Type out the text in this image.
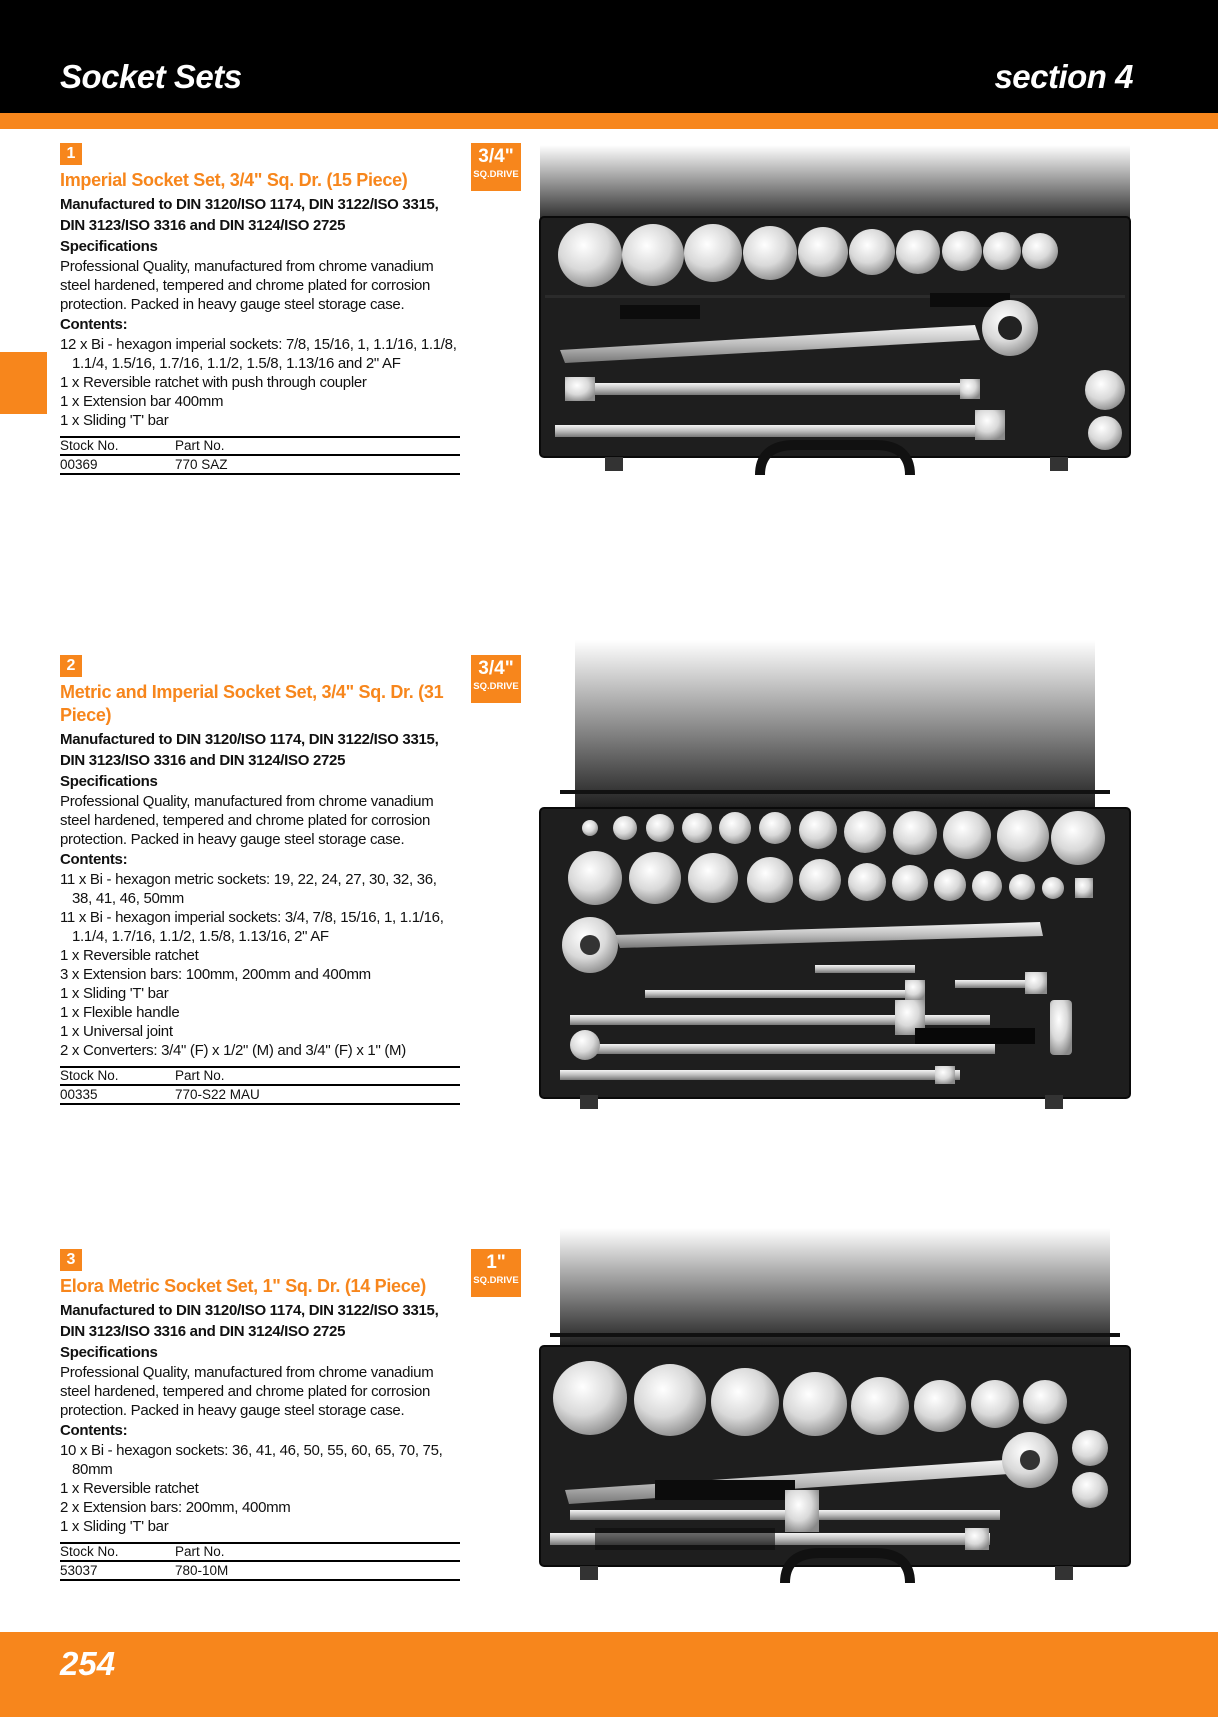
Socket Sets	section 4
1
Imperial Socket Set, 3/4" Sq. Dr. (15 Piece)
Manufactured to DIN 3120/ISO 1174, DIN 3122/ISO 3315, DIN 3123/ISO 3316 and DIN 3124/ISO 2725
Specifications
Professional Quality, manufactured from chrome vanadium steel hardened, tempered and chrome plated for corrosion protection. Packed in heavy gauge steel storage case.
Contents:
12 x Bi - hexagon imperial sockets: 7/8, 15/16, 1, 1.1/16, 1.1/8, 1.1/4, 1.5/16, 1.7/16, 1.1/2, 1.5/8, 1.13/16 and 2" AF
1 x Reversible ratchet with push through coupler
1 x Extension bar 400mm
1 x Sliding 'T' bar
Stock No.	Part No.
00369	770 SAZ
3/4"
SQ.DRIVE
2
Metric and Imperial Socket Set, 3/4" Sq. Dr. (31 Piece)
Manufactured to DIN 3120/ISO 1174, DIN 3122/ISO 3315, DIN 3123/ISO 3316 and DIN 3124/ISO 2725
Specifications
Professional Quality, manufactured from chrome vanadium steel hardened, tempered and chrome plated for corrosion protection. Packed in heavy gauge steel storage case.
Contents:
11 x Bi - hexagon metric sockets: 19, 22, 24, 27, 30, 32, 36, 38, 41, 46, 50mm
11 x Bi - hexagon imperial sockets: 3/4, 7/8, 15/16, 1, 1.1/16, 1.1/4, 1.7/16, 1.1/2, 1.5/8, 1.13/16, 2" AF
1 x Reversible ratchet
3 x Extension bars: 100mm, 200mm and 400mm
1 x Sliding 'T' bar
1 x Flexible handle
1 x Universal joint
2 x Converters: 3/4" (F) x 1/2" (M) and 3/4" (F) x 1" (M)
Stock No.	Part No.
00335	770-S22 MAU
3/4"
SQ.DRIVE
3
Elora Metric Socket Set, 1" Sq. Dr. (14 Piece)
Manufactured to DIN 3120/ISO 1174, DIN 3122/ISO 3315, DIN 3123/ISO 3316 and DIN 3124/ISO 2725
Specifications
Professional Quality, manufactured from chrome vanadium steel hardened, tempered and chrome plated for corrosion protection. Packed in heavy gauge steel storage case.
Contents:
10 x Bi - hexagon sockets: 36, 41, 46, 50, 55, 60, 65, 70, 75, 80mm
1 x Reversible ratchet
2 x Extension bars: 200mm, 400mm
1 x Sliding 'T' bar
Stock No.	Part No.
53037	780-10M
1"
SQ.DRIVE
254
